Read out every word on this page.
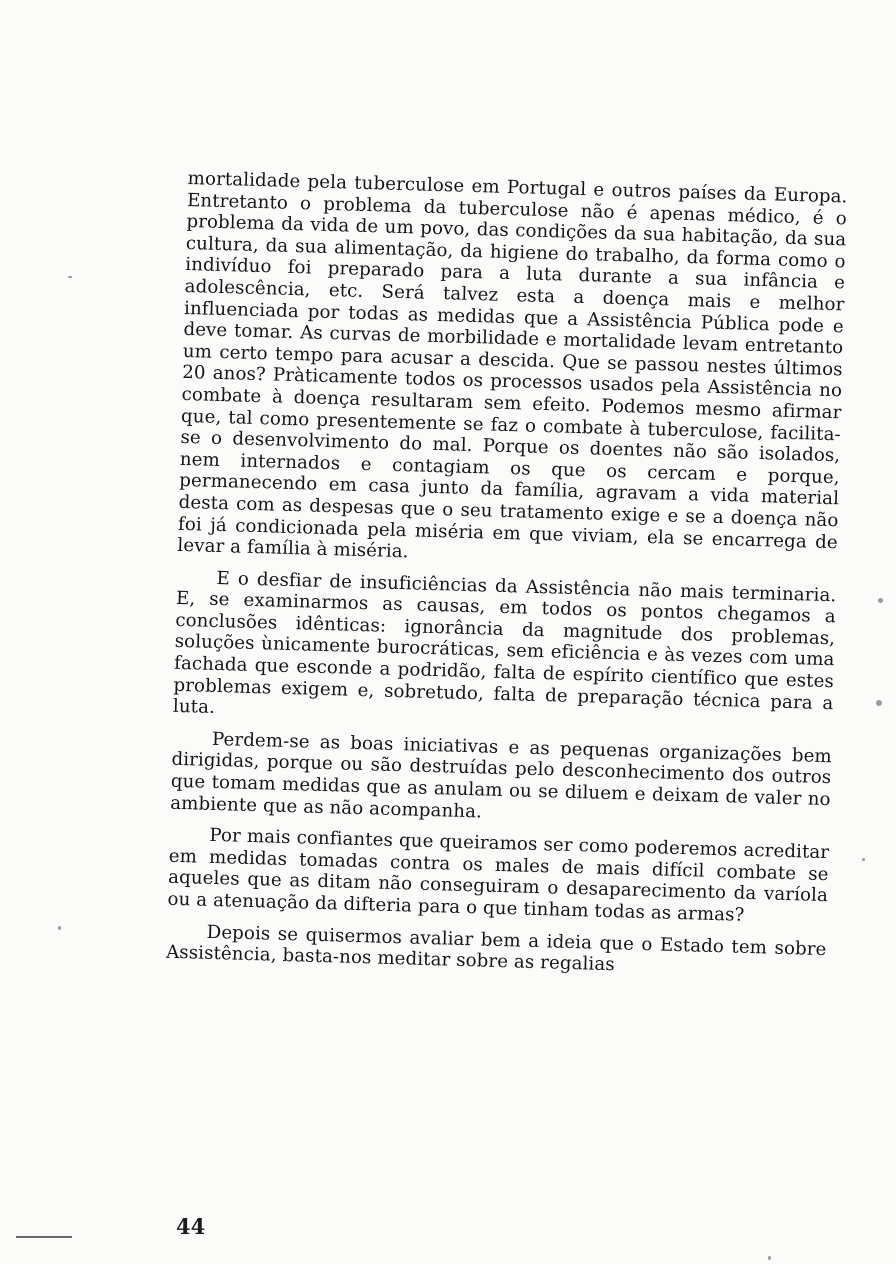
mortalidade pela tuberculose em Portugal e outros países da Europa. Entretanto o problema da tuberculose não é apenas médico, é o problema da vida de um povo, das condições da sua habitação, da sua cultura, da sua alimentação, da higiene do trabalho, da forma como o indivíduo foi preparado para a luta durante a sua infância e adolescência, etc. Será talvez esta a doença mais e melhor influenciada por todas as medidas que a Assistência Pública pode e deve tomar. As curvas de morbilidade e mortalidade levam entretanto um certo tempo para acusar a descida. Que se passou nestes últimos 20 anos? Pràticamente todos os processos usados pela Assistência no combate à doença resultaram sem efeito. Podemos mesmo afirmar que, tal como presentemente se faz o combate à tuberculose, facilita-se o desenvolvimento do mal. Porque os doentes não são isolados, nem internados e contagiam os que os cercam e porque, permanecendo em casa junto da família, agravam a vida material desta com as despesas que o seu tratamento exige e se a doença não foi já condicionada pela miséria em que viviam, ela se encarrega de levar a família à miséria.

E o desfiar de insuficiências da Assistência não mais terminaria. E, se examinarmos as causas, em todos os pontos chegamos a conclusões idênticas: ignorância da magnitude dos problemas, soluções ùnicamente burocráticas, sem eficiência e às vezes com uma fachada que esconde a podridão, falta de espírito científico que estes problemas exigem e, sobretudo, falta de preparação técnica para a luta.

Perdem-se as boas iniciativas e as pequenas organizações bem dirigidas, porque ou são destruídas pelo desconhecimento dos outros que tomam medidas que as anulam ou se diluem e deixam de valer no ambiente que as não acompanha.

Por mais confiantes que queiramos ser como poderemos acreditar em medidas tomadas contra os males de mais difícil combate se aqueles que as ditam não conseguiram o desaparecimento da varíola ou a atenuação da difteria para o que tinham todas as armas?

Depois se quisermos avaliar bem a ideia que o Estado tem sobre Assistência, basta-nos meditar sobre as regalias

44
